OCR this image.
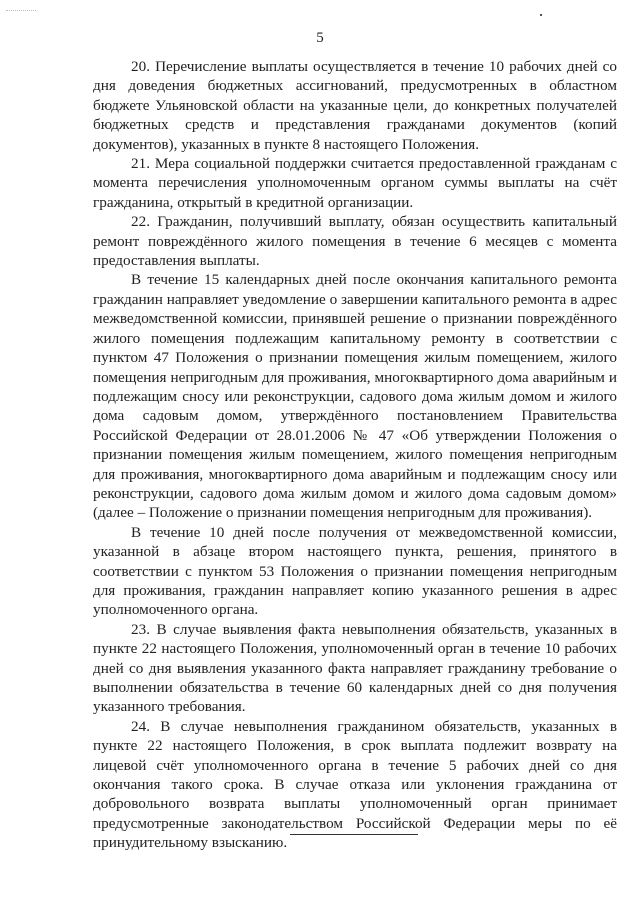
5

20. Перечисление выплаты осуществляется в течение 10 рабочих дней со дня доведения бюджетных ассигнований, предусмотренных в областном бюджете Ульяновской области на указанные цели, до конкретных получателей бюджетных средств и представления гражданами документов (копий документов), указанных в пункте 8 настоящего Положения.

21. Мера социальной поддержки считается предоставленной гражданам с момента перечисления уполномоченным органом суммы выплаты на счёт гражданина, открытый в кредитной организации.

22. Гражданин, получивший выплату, обязан осуществить капитальный ремонт повреждённого жилого помещения в течение 6 месяцев с момента предоставления выплаты.

В течение 15 календарных дней после окончания капитального ремонта гражданин направляет уведомление о завершении капитального ремонта в адрес межведомственной комиссии, принявшей решение о признании повреждённого жилого помещения подлежащим капитальному ремонту в соответствии с пунктом 47 Положения о признании помещения жилым помещением, жилого помещения непригодным для проживания, многоквартирного дома аварийным и подлежащим сносу или реконструкции, садового дома жилым домом и жилого дома садовым домом, утверждённого постановлением Правительства Российской Федерации от 28.01.2006 № 47 «Об утверждении Положения о признании помещения жилым помещением, жилого помещения непригодным для проживания, многоквартирного дома аварийным и подлежащим сносу или реконструкции, садового дома жилым домом и жилого дома садовым домом» (далее – Положение о признании помещения непригодным для проживания).

В течение 10 дней после получения от межведомственной комиссии, указанной в абзаце втором настоящего пункта, решения, принятого в соответствии с пунктом 53 Положения о признании помещения непригодным для проживания, гражданин направляет копию указанного решения в адрес уполномоченного органа.

23. В случае выявления факта невыполнения обязательств, указанных в пункте 22 настоящего Положения, уполномоченный орган в течение 10 рабочих дней со дня выявления указанного факта направляет гражданину требование о выполнении обязательства в течение 60 календарных дней со дня получения указанного требования.

24. В случае невыполнения гражданином обязательств, указанных в пункте 22 настоящего Положения, в срок выплата подлежит возврату на лицевой счёт уполномоченного органа в течение 5 рабочих дней со дня окончания такого срока. В случае отказа или уклонения гражданина от добровольного возврата выплаты уполномоченный орган принимает предусмотренные законодательством Российской Федерации меры по её принудительному взысканию.
